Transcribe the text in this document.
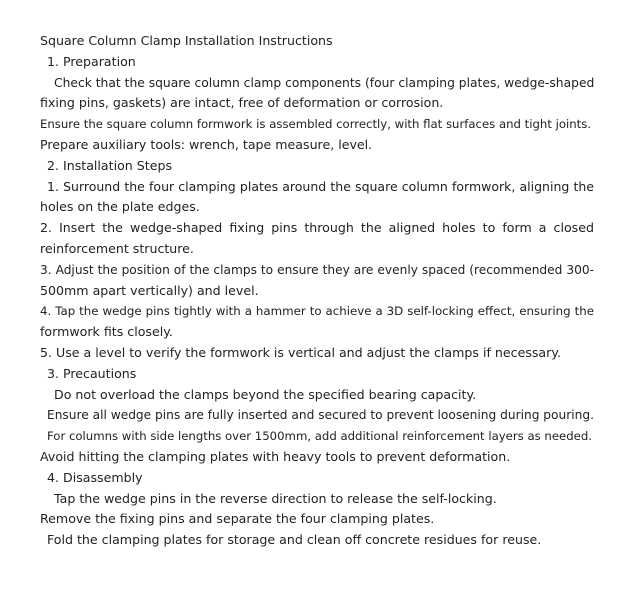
Square Column Clamp Installation Instructions

1. Preparation

Check that the square column clamp components (four clamping plates, wedge-shaped

fixing pins, gaskets) are intact, free of deformation or corrosion.

Ensure the square column formwork is assembled correctly, with flat surfaces and tight joints.

Prepare auxiliary tools: wrench, tape measure, level.

2. Installation Steps

1. Surround the four clamping plates around the square column formwork, aligning the

holes on the plate edges.

2. Insert the wedge-shaped fixing pins through the aligned holes to form a closed

reinforcement structure.

3. Adjust the position of the clamps to ensure they are evenly spaced (recommended 300-

500mm apart vertically) and level.

4. Tap the wedge pins tightly with a hammer to achieve a 3D self-locking effect, ensuring the

formwork fits closely.

5. Use a level to verify the formwork is vertical and adjust the clamps if necessary.

3. Precautions

Do not overload the clamps beyond the specified bearing capacity.

Ensure all wedge pins are fully inserted and secured to prevent loosening during pouring.

For columns with side lengths over 1500mm, add additional reinforcement layers as needed.

Avoid hitting the clamping plates with heavy tools to prevent deformation.

4. Disassembly

Tap the wedge pins in the reverse direction to release the self-locking.

Remove the fixing pins and separate the four clamping plates.

Fold the clamping plates for storage and clean off concrete residues for reuse.
